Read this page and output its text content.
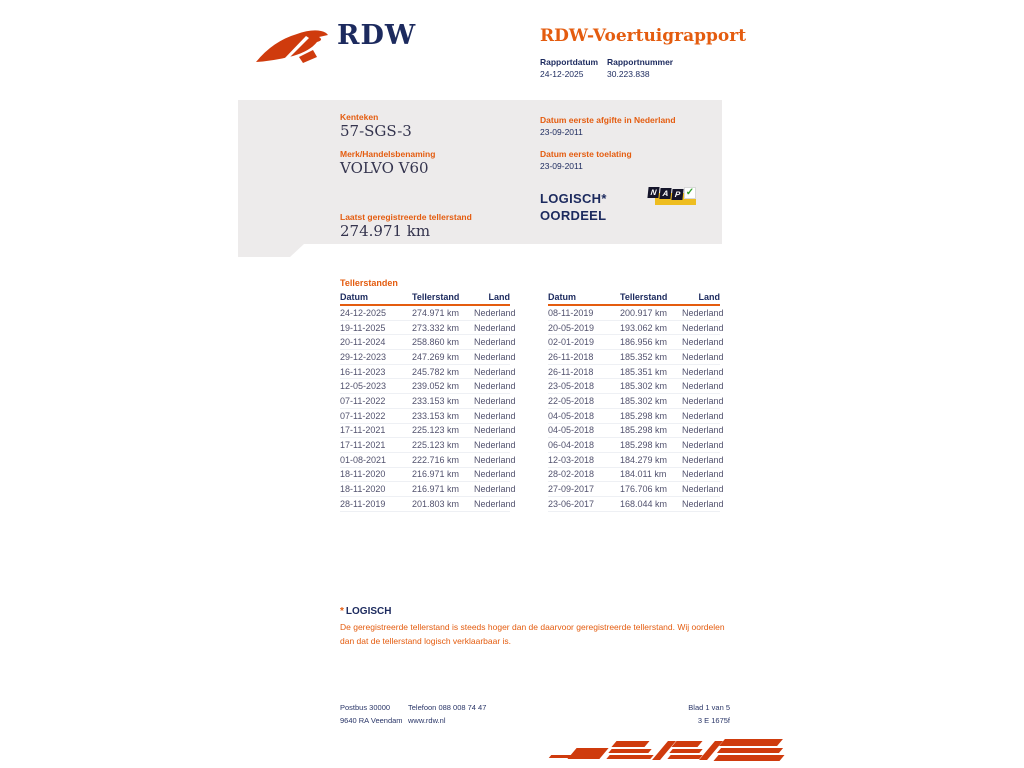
RDW	RDW-Voertuigrapport
Rapportdatum Rapportnummer
24-12-2025	30.223.838
Kenteken
57-SGS-3
Merk/Handelsbenaming
VOLVO V60
Laatst geregistreerde tellerstand
274.971 km
Datum eerste afgifte in Nederland
23-09-2011
Datum eerste toelating
23-09-2011
LOGISCH*
OORDEEL
N A P ✓
Tellerstanden
Datum	Tellerstand	Land
24-12-2025	274.971 km	Nederland
19-11-2025	273.332 km	Nederland
20-11-2024	258.860 km	Nederland
29-12-2023	247.269 km	Nederland
16-11-2023	245.782 km	Nederland
12-05-2023	239.052 km	Nederland
07-11-2022	233.153 km	Nederland
07-11-2022	233.153 km	Nederland
17-11-2021	225.123 km	Nederland
17-11-2021	225.123 km	Nederland
01-08-2021	222.716 km	Nederland
18-11-2020	216.971 km	Nederland
18-11-2020	216.971 km	Nederland
28-11-2019	201.803 km	Nederland
Datum	Tellerstand	Land
08-11-2019	200.917 km	Nederland
20-05-2019	193.062 km	Nederland
02-01-2019	186.956 km	Nederland
26-11-2018	185.352 km	Nederland
26-11-2018	185.351 km	Nederland
23-05-2018	185.302 km	Nederland
22-05-2018	185.302 km	Nederland
04-05-2018	185.298 km	Nederland
04-05-2018	185.298 km	Nederland
06-04-2018	185.298 km	Nederland
12-03-2018	184.279 km	Nederland
28-02-2018	184.011 km	Nederland
27-09-2017	176.706 km	Nederland
23-06-2017	168.044 km	Nederland
* LOGISCH
De geregistreerde tellerstand is steeds hoger dan de daarvoor geregistreerde tellerstand. Wij oordelen dan dat de tellerstand logisch verklaarbaar is.
Postbus 30000
9640 RA Veendam
Telefoon 088 008 74 47
www.rdw.nl
Blad 1 van 5
3 E 1675f
